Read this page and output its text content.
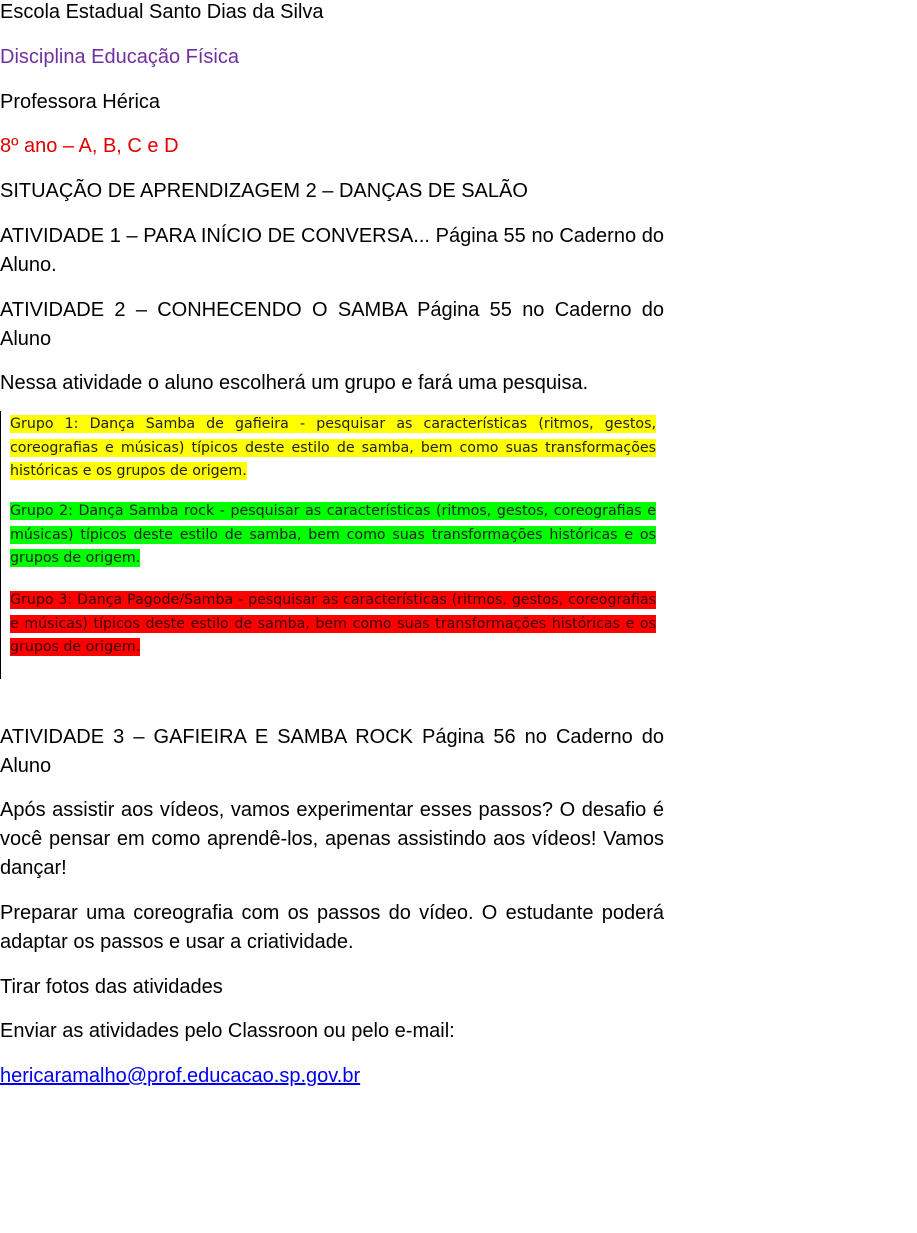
Escola Estadual Santo Dias da Silva

Disciplina Educação Física

Professora Hérica

8º ano – A, B, C e D

SITUAÇÃO DE APRENDIZAGEM 2 – DANÇAS DE SALÃO

ATIVIDADE 1 – PARA INÍCIO DE CONVERSA... Página 55 no Caderno do Aluno.

ATIVIDADE 2 – CONHECENDO O SAMBA Página 55 no Caderno do Aluno

Nessa atividade o aluno escolherá um grupo e fará uma pesquisa.

Grupo 1: Dança Samba de gafieira - pesquisar as características (ritmos, gestos, coreografias e músicas) típicos deste estilo de samba, bem como suas transformações históricas e os grupos de origem.

Grupo 2: Dança Samba rock - pesquisar as características (ritmos, gestos, coreografias e músicas) típicos deste estilo de samba, bem como suas transformações históricas e os grupos de origem.

Grupo 3: Dança Pagode/Samba - pesquisar as características (ritmos, gestos, coreografias e músicas) típicos deste estilo de samba, bem como suas transformações históricas e os grupos de origem.

ATIVIDADE 3 – GAFIEIRA E SAMBA ROCK Página 56 no Caderno do Aluno

Após assistir aos vídeos, vamos experimentar esses passos? O desafio é você pensar em como aprendê-los, apenas assistindo aos vídeos! Vamos dançar!

Preparar uma coreografia com os passos do vídeo. O estudante poderá adaptar os passos e usar a criatividade.

Tirar fotos das atividades

Enviar as atividades pelo Classroon ou pelo e-mail:

hericaramalho@prof.educacao.sp.gov.br
